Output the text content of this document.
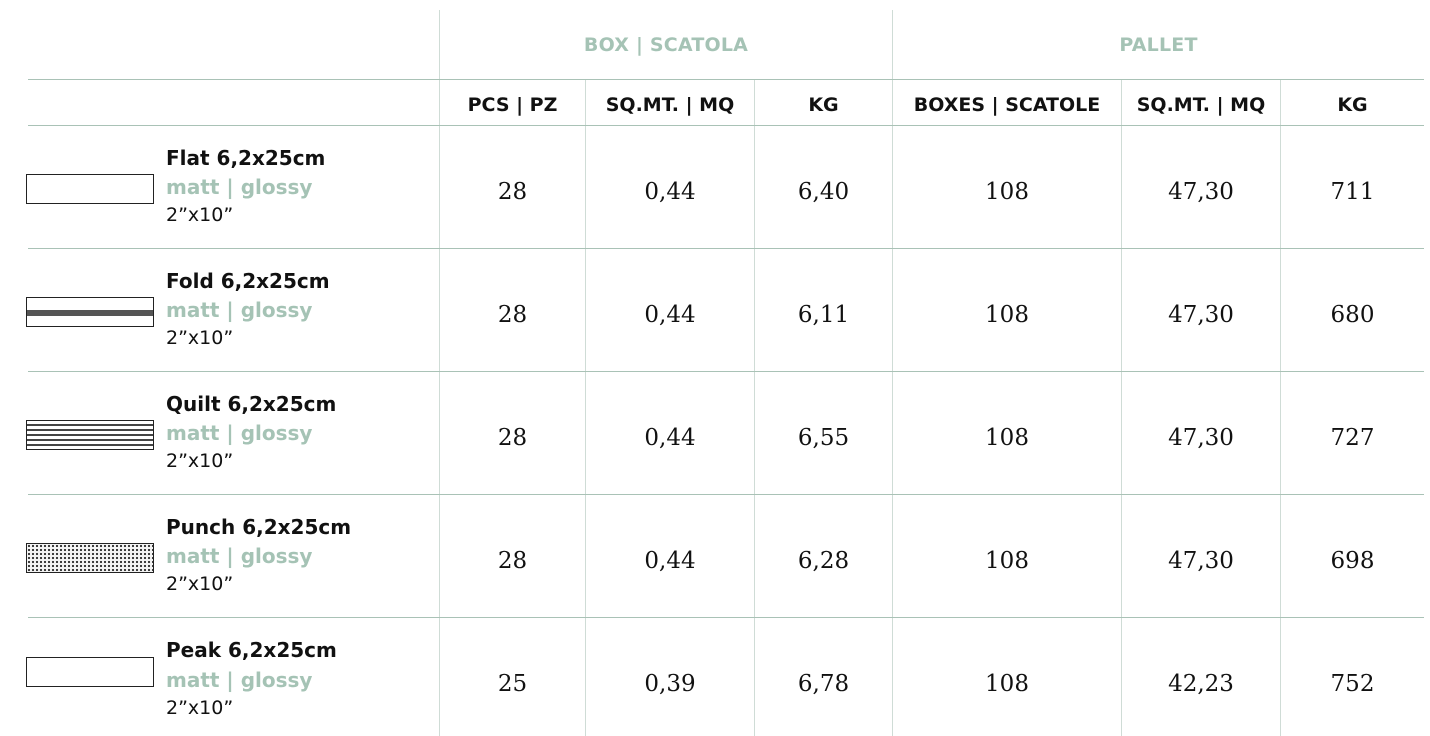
BOX | SCATOLA	PALLET
PCS | PZ	SQ.MT. | MQ	KG	BOXES | SCATOLE	SQ.MT. | MQ	KG
Flat 6,2x25cm
matt | glossy
2”x10”
28	0,44	6,40	108	47,30	711
Fold 6,2x25cm
matt | glossy
2”x10”
28	0,44	6,11	108	47,30	680
Quilt 6,2x25cm
matt | glossy
2”x10”
28	0,44	6,55	108	47,30	727
Punch 6,2x25cm
matt | glossy
2”x10”
28	0,44	6,28	108	47,30	698
Peak 6,2x25cm
matt | glossy
2”x10”
25	0,39	6,78	108	42,23	752
